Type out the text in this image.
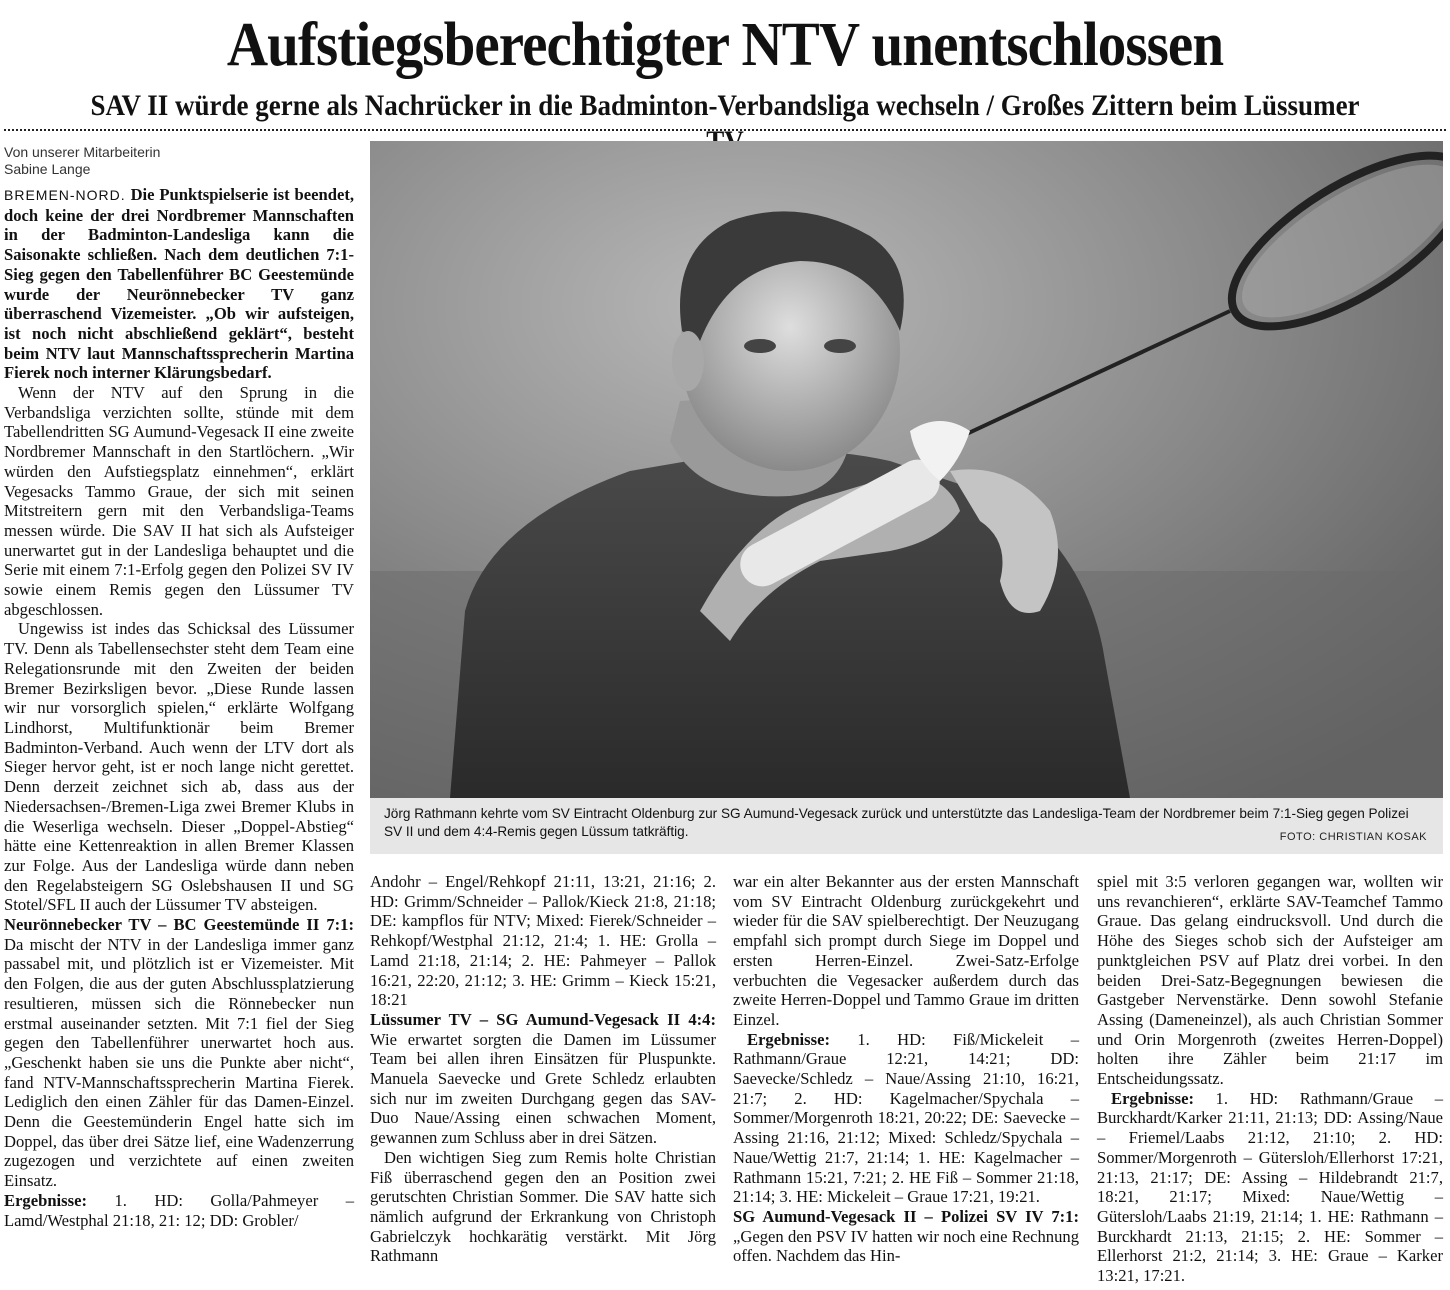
Aufstiegsberechtigter NTV unentschlossen
SAV II würde gerne als Nachrücker in die Badminton-Verbandsliga wechseln / Großes Zittern beim Lüssumer
Von unserer Mitarbeiterin
Sabine Lange

BREMEN-NORD. Die Punktspielserie ist beendet, doch keine der drei Nordbremer Mannschaften in der Badminton-Landesliga kann die Saisonakte schließen. Nach dem deutlichen 7:1-Sieg gegen den Tabellenführer BC Geestemünde wurde der Neurönnebecker TV ganz überraschend Vizemeister. „Ob wir aufsteigen, ist noch nicht abschließend geklärt“, besteht beim NTV laut Mannschaftssprecherin Martina Fierek noch interner Klärungsbedarf.

Wenn der NTV auf den Sprung in die Verbandsliga verzichten sollte, stünde mit dem Tabellendritten SG Aumund-Vegesack II eine zweite Nordbremer Mannschaft in den Startlöchern. „Wir würden den Aufstiegsplatz einnehmen“, erklärt Vegesacks Tammo Graue, der sich mit seinen Mitstreitern gern mit den Verbandsliga-Teams messen würde. Die SAV II hat sich als Aufsteiger unerwartet gut in der Landesliga behauptet und die Serie mit einem 7:1-Erfolg gegen den Polizei SV IV sowie einem Remis gegen den Lüssumer TV abgeschlossen.

Ungewiss ist indes das Schicksal des Lüssumer TV. Denn als Tabellensechster steht dem Team eine Relegationsrunde mit den Zweiten der beiden Bremer Bezirksligen bevor. „Diese Runde lassen wir nur vorsorglich spielen,“ erklärte Wolfgang Lindhorst, Multifunktionär beim Bremer Badminton-Verband. Auch wenn der LTV dort als Sieger hervor geht, ist er noch lange nicht gerettet. Denn derzeit zeichnet sich ab, dass aus der Niedersachsen-/Bremen-Liga zwei Bremer Klubs in die Weserliga wechseln. Dieser „Doppel-Abstieg“ hätte eine Kettenreaktion in allen Bremer Klassen zur Folge. Aus der Landesliga würde dann neben den Regelabsteigern SG Oslebshausen II und SG Stotel/SFL II auch der Lüssumer TV absteigen.

Neurönnebecker TV – BC Geestemünde II 7:1: Da mischt der NTV in der Landesliga immer ganz passabel mit, und plötzlich ist er Vizemeister. Mit den Folgen, die aus der guten Abschlussplatzierung resultieren, müssen sich die Rönnebecker nun erstmal auseinander setzten. Mit 7:1 fiel der Sieg gegen den Tabellenführer unerwartet hoch aus. „Geschenkt haben sie uns die Punkte aber nicht“, fand NTV-Mannschaftssprecherin Martina Fierek. Lediglich den einen Zähler für das Damen-Einzel. Denn die Geestemünderin Engel hatte sich im Doppel, das über drei Sätze lief, eine Wadenzerrung zugezogen und verzichtete auf einen zweiten Einsatz.

Ergebnisse: 1. HD: Golla/Pahmeyer – Lamd/Westphal 21:18, 21: 12; DD: Grobler/

Jörg Rathmann kehrte vom SV Eintracht Oldenburg zur SG Aumund-Vegesack zurück und unterstützte das Landesliga-Team der Nordbremer beim 7:1-Sieg gegen Polizei SV II und dem 4:4-Remis gegen Lüssum tatkräftig.	FOTO: CHRISTIAN KOSAK

Andohr – Engel/Rehkopf 21:11, 13:21, 21:16; 2. HD: Grimm/Schneider – Pallok/Kieck 21:8, 21:18; DE: kampflos für NTV; Mixed: Fierek/Schneider – Rehkopf/Westphal 21:12, 21:4; 1. HE: Grolla – Lamd 21:18, 21:14; 2. HE: Pahmeyer – Pallok 16:21, 22:20, 21:12; 3. HE: Grimm – Kieck 15:21, 18:21

Lüssumer TV – SG Aumund-Vegesack II 4:4: Wie erwartet sorgten die Damen im Lüssumer Team bei allen ihren Einsätzen für Pluspunkte. Manuela Saevecke und Grete Schledz erlaubten sich nur im zweiten Durchgang gegen das SAV-Duo Naue/Assing einen schwachen Moment, gewannen zum Schluss aber in drei Sätzen.

Den wichtigen Sieg zum Remis holte Christian Fiß überraschend gegen den an Position zwei gerutschten Christian Sommer. Die SAV hatte sich nämlich aufgrund der Erkrankung von Christoph Gabrielczyk hochkarätig verstärkt. Mit Jörg Rathmann

war ein alter Bekannter aus der ersten Mannschaft vom SV Eintracht Oldenburg zurückgekehrt und wieder für die SAV spielberechtigt. Der Neuzugang empfahl sich prompt durch Siege im Doppel und ersten Herren-Einzel. Zwei-Satz-Erfolge verbuchten die Vegesacker außerdem durch das zweite Herren-Doppel und Tammo Graue im dritten Einzel.

Ergebnisse: 1. HD: Fiß/Mickeleit – Rathmann/Graue 12:21, 14:21; DD: Saevecke/Schledz – Naue/Assing 21:10, 16:21, 21:7; 2. HD: Kagelmacher/Spychala – Sommer/Morgenroth 18:21, 20:22; DE: Saevecke – Assing 21:16, 21:12; Mixed: Schledz/Spychala – Naue/Wettig 21:7, 21:14; 1. HE: Kagelmacher – Rathmann 15:21, 7:21; 2. HE Fiß – Sommer 21:18, 21:14; 3. HE: Mickeleit – Graue 17:21, 19:21.

SG Aumund-Vegesack II – Polizei SV IV 7:1: „Gegen den PSV IV hatten wir noch eine Rechnung offen. Nachdem das Hin-

spiel mit 3:5 verloren gegangen war, wollten wir uns revanchieren“, erklärte SAV-Teamchef Tammo Graue. Das gelang eindrucksvoll. Und durch die Höhe des Sieges schob sich der Aufsteiger am punktgleichen PSV auf Platz drei vorbei. In den beiden Drei-Satz-Begegnungen bewiesen die Gastgeber Nervenstärke. Denn sowohl Stefanie Assing (Dameneinzel), als auch Christian Sommer und Orin Morgenroth (zweites Herren-Doppel) holten ihre Zähler beim 21:17 im Entscheidungssatz.

Ergebnisse: 1. HD: Rathmann/Graue – Burckhardt/Karker 21:11, 21:13; DD: Assing/Naue – Friemel/Laabs 21:12, 21:10; 2. HD: Sommer/Morgenroth – Gütersloh/Ellerhorst 17:21, 21:13, 21:17; DE: Assing – Hildebrandt 21:7, 18:21, 21:17; Mixed: Naue/Wettig – Gütersloh/Laabs 21:19, 21:14; 1. HE: Rathmann – Burckhardt 21:13, 21:15; 2. HE: Sommer – Ellerhorst 21:2, 21:14; 3. HE: Graue – Karker 13:21, 17:21.
